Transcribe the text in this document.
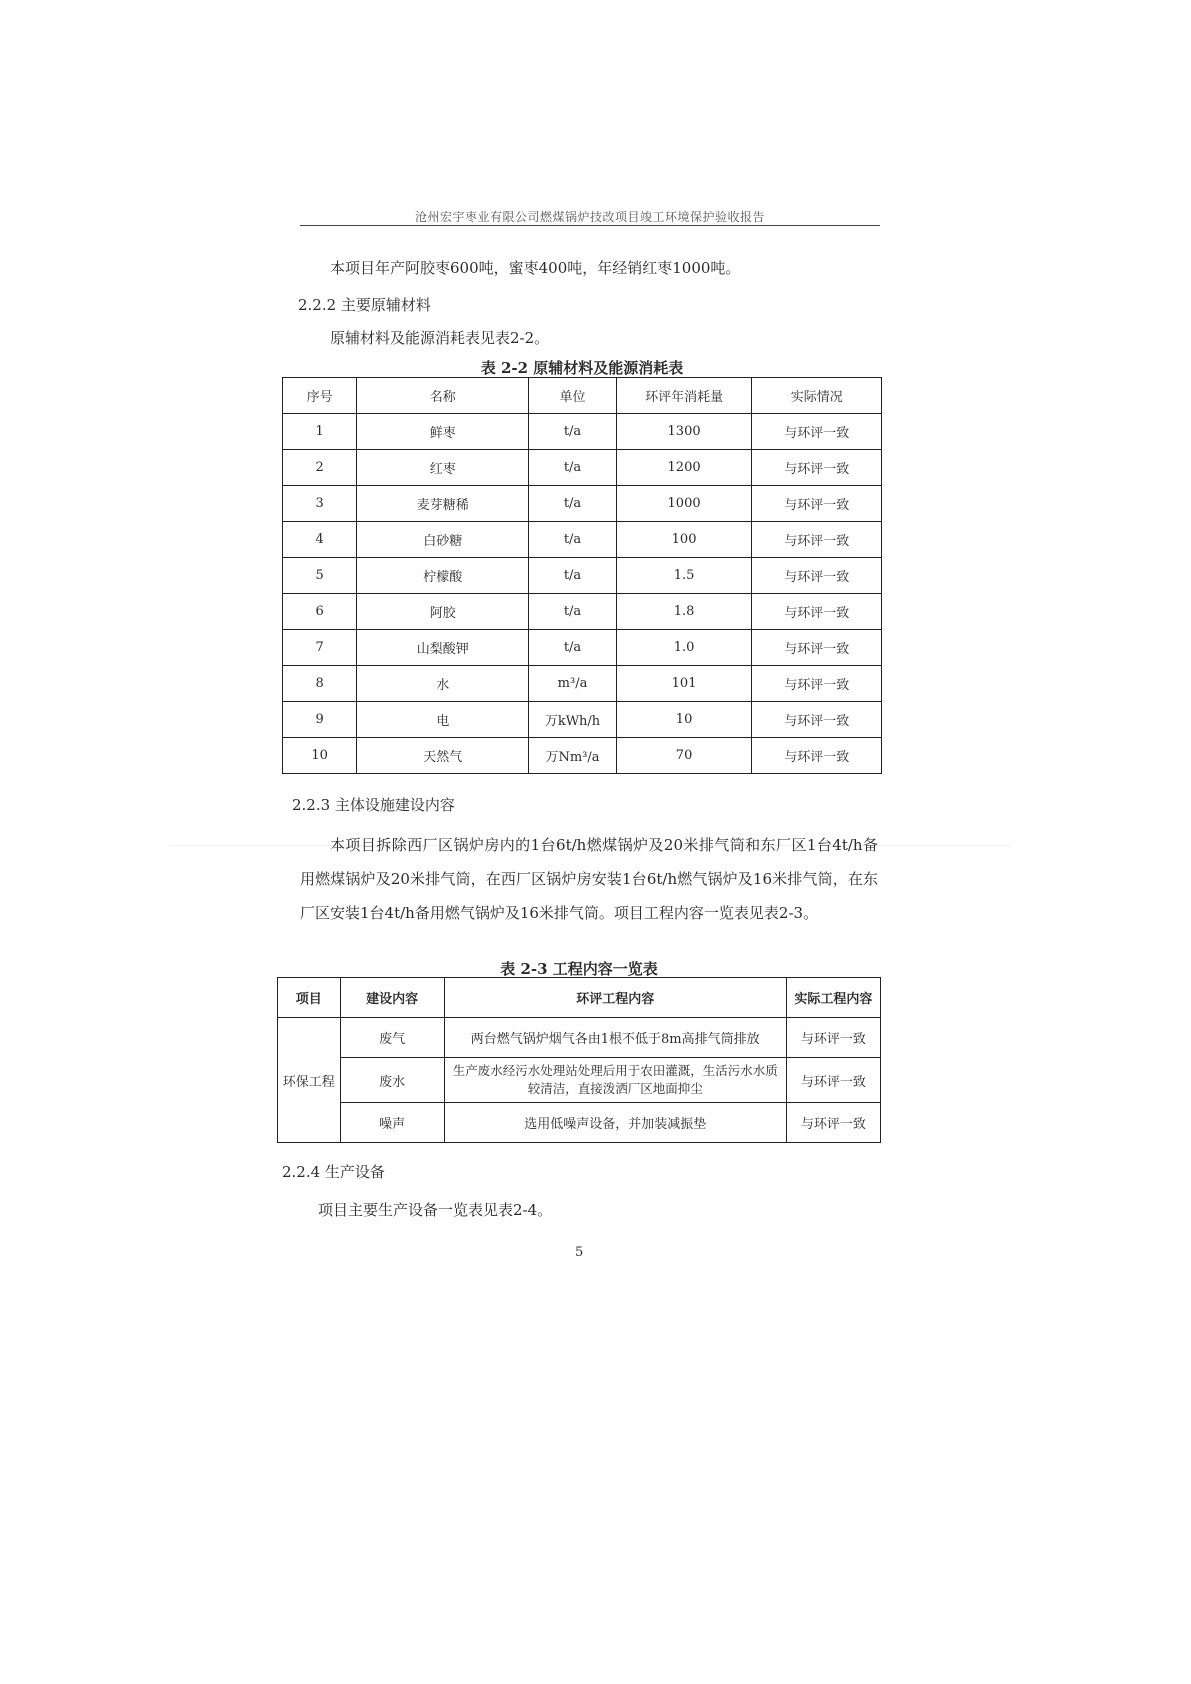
沧州宏宇枣业有限公司燃煤锅炉技改项目竣工环境保护验收报告
本项目年产阿胶枣600吨，蜜枣400吨，年经销红枣1000吨。
2.2.2 主要原辅材料
原辅材料及能源消耗表见表2-2。
表 2-2 原辅材料及能源消耗表
序号	名称	单位	环评年消耗量	实际情况
1	鲜枣	t/a	1300	与环评一致
2	红枣	t/a	1200	与环评一致
3	麦芽糖稀	t/a	1000	与环评一致
4	白砂糖	t/a	100	与环评一致
5	柠檬酸	t/a	1.5	与环评一致
6	阿胶	t/a	1.8	与环评一致
7	山梨酸钾	t/a	1.0	与环评一致
8	水	m³/a	101	与环评一致
9	电	万kWh/h	10	与环评一致
10	天然气	万Nm³/a	70	与环评一致
2.2.3 主体设施建设内容
本项目拆除西厂区锅炉房内的1台6t/h燃煤锅炉及20米排气筒和东厂区1台4t/h备用燃煤锅炉及20米排气筒，在西厂区锅炉房安装1台6t/h燃气锅炉及16米排气筒，在东厂区安装1台4t/h备用燃气锅炉及16米排气筒。项目工程内容一览表见表2-3。
表 2-3 工程内容一览表
项目	建设内容	环评工程内容	实际工程内容
环保工程	废气	两台燃气锅炉烟气各由1根不低于8m高排气筒排放	与环评一致
	废水	生产废水经污水处理站处理后用于农田灌溉，生活污水水质较清洁，直接泼洒厂区地面抑尘	与环评一致
	噪声	选用低噪声设备，并加装减振垫	与环评一致
2.2.4 生产设备
项目主要生产设备一览表见表2-4。
5
